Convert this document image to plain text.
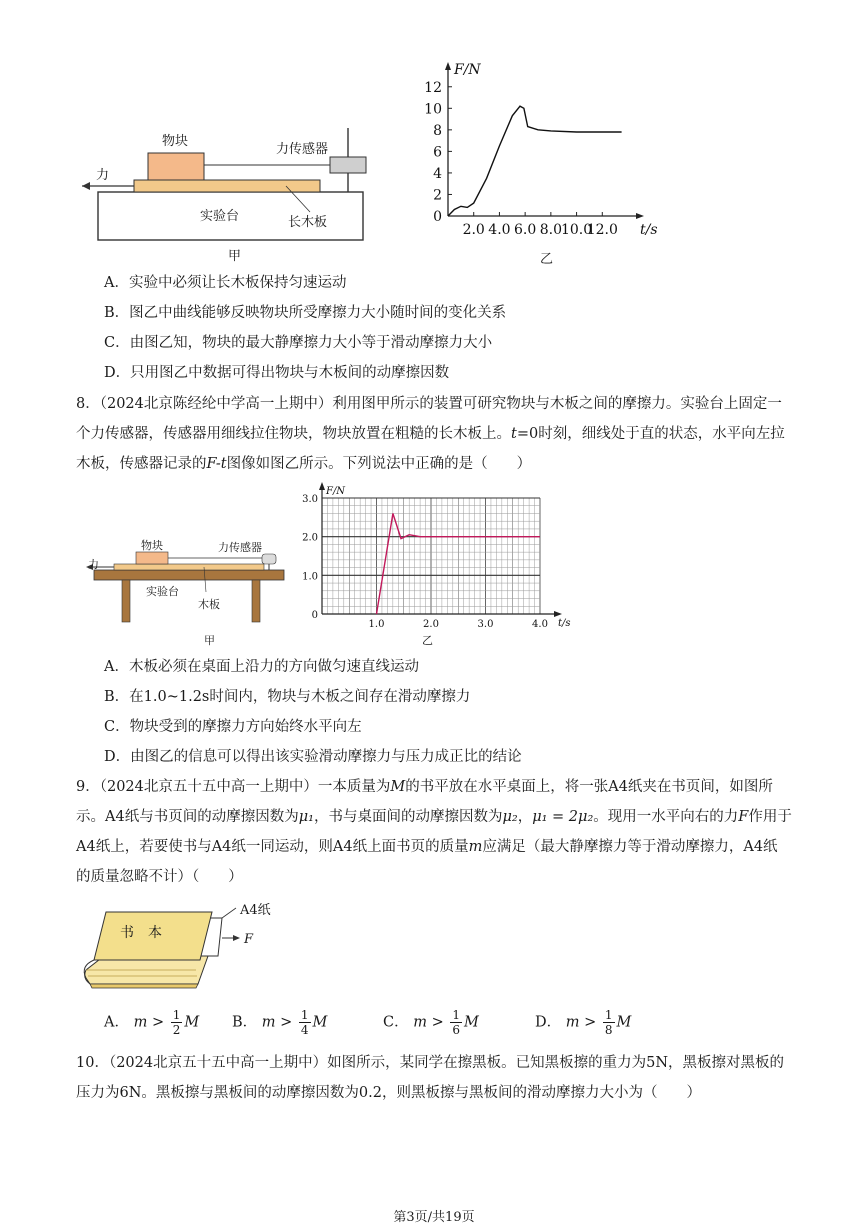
物块
力传感器
力
实验台	长木板
甲
12
10
8
6
4
2
0
2.0 4.0 6.0 8.0
10.0
12.0
F/N
t/s
乙
A．实验中必须让长木板保持匀速运动
B．图乙中曲线能够反映物块所受摩擦力大小随时间的变化关系
C．由图乙知，物块的最大静摩擦力大小等于滑动摩擦力大小
D．只用图乙中数据可得出物块与木板间的动摩擦因数
8．（2024北京陈经纶中学高一上期中）利用图甲所示的装置可研究物块与木板之间的摩擦力。实验台上固定一个力传感器，传感器用细线拉住物块，物块放置在粗糙的长木板上。t=0时刻，细线处于直的状态，水平向左拉木板，传感器记录的F-t图像如图乙所示。下列说法中正确的是（　　）
物块	力传感器
力
实验台
木板
甲
3.0
2.0
1.0
0
1.0	2.0	3.0	4.0
F/N
t/s
乙
A．木板必须在桌面上沿力的方向做匀速直线运动
B．在1.0~1.2s时间内，物块与木板之间存在滑动摩擦力
C．物块受到的摩擦力方向始终水平向左
D．由图乙的信息可以得出该实验滑动摩擦力与压力成正比的结论
9．（2024北京五十五中高一上期中）一本质量为M的书平放在水平桌面上，将一张A4纸夹在书页间，如图所示。A4纸与书页间的动摩擦因数为μ₁，书与桌面间的动摩擦因数为μ₂，μ₁ = 2μ₂。现用一水平向右的力F作用于A4纸上，若要使书与A4纸一同运动，则A4纸上面书页的质量m应满足（最大静摩擦力等于滑动摩擦力，A4纸的质量忽略不计）（　　）
A4纸
书　本	F
A． $m > \frac{1}{2}$ M B． $m > \frac{1}{4}$ M	C． $m > \frac{1}{6}$ M	D． $m > \frac{1}{8}$ M
10．（2024北京五十五中高一上期中）如图所示，某同学在擦黑板。已知黑板擦的重力为5N，黑板擦对黑板的压力为6N。黑板擦与黑板间的动摩擦因数为0.2，则黑板擦与黑板间的滑动摩擦力大小为（　　）
第3页/共19页
